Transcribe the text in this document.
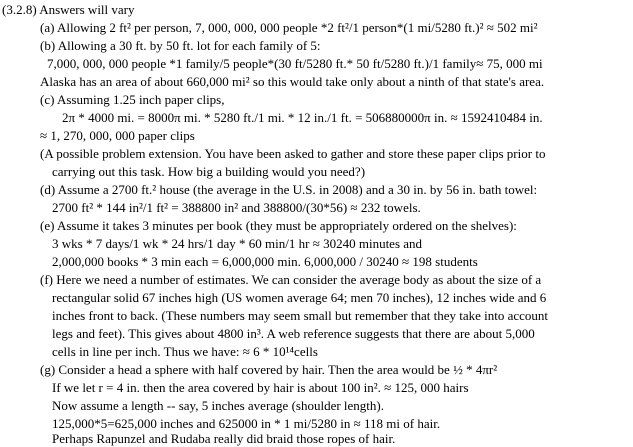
(3.2.8) Answers will vary
(a) Allowing 2 ft² per person, 7, 000, 000, 000 people *2 ft²/1 person*(1 mi/5280 ft.)² ≈ 502 mi²
(b) Allowing a 30 ft. by 50 ft. lot for each family of 5:
7,000, 000, 000 people *1 family/5 people*(30 ft/5280 ft.* 50 ft/5280 ft.)/1 family≈ 75, 000 mi
Alaska has an area of about 660,000 mi² so this would take only about a ninth of that state's area.
(c) Assuming 1.25 inch paper clips,
2π * 4000 mi. = 8000π mi. * 5280 ft./1 mi. * 12 in./1 ft. = 506880000π in. ≈ 1592410484 in.
≈ 1, 270, 000, 000 paper clips
(A possible problem extension. You have been asked to gather and store these paper clips prior to
carrying out this task. How big a building would you need?)
(d) Assume a 2700 ft.² house (the average in the U.S. in 2008) and a 30 in. by 56 in. bath towel:
2700 ft² * 144 in²/1 ft² = 388800 in² and 388800/(30*56) ≈ 232 towels.
(e) Assume it takes 3 minutes per book (they must be appropriately ordered on the shelves):
3 wks * 7 days/1 wk * 24 hrs/1 day * 60 min/1 hr ≈ 30240 minutes and
2,000,000 books * 3 min each = 6,000,000 min. 6,000,000 / 30240 ≈ 198 students
(f) Here we need a number of estimates. We can consider the average body as about the size of a
rectangular solid 67 inches high (US women average 64; men 70 inches), 12 inches wide and 6
inches front to back. (These numbers may seem small but remember that they take into account
legs and feet). This gives about 4800 in³. A web reference suggests that there are about 5,000
cells in line per inch. Thus we have: ≈ 6 * 10¹⁴cells
(g) Consider a head a sphere with half covered by hair. Then the area would be ½ * 4πr²
If we let r = 4 in. then the area covered by hair is about 100 in². ≈ 125, 000 hairs
Now assume a length -- say, 5 inches average (shoulder length).
125,000*5=625,000 inches and 625000 in * 1 mi/5280 in ≈ 118 mi of hair.
Perhaps Rapunzel and Rudaba really did braid those ropes of hair.
